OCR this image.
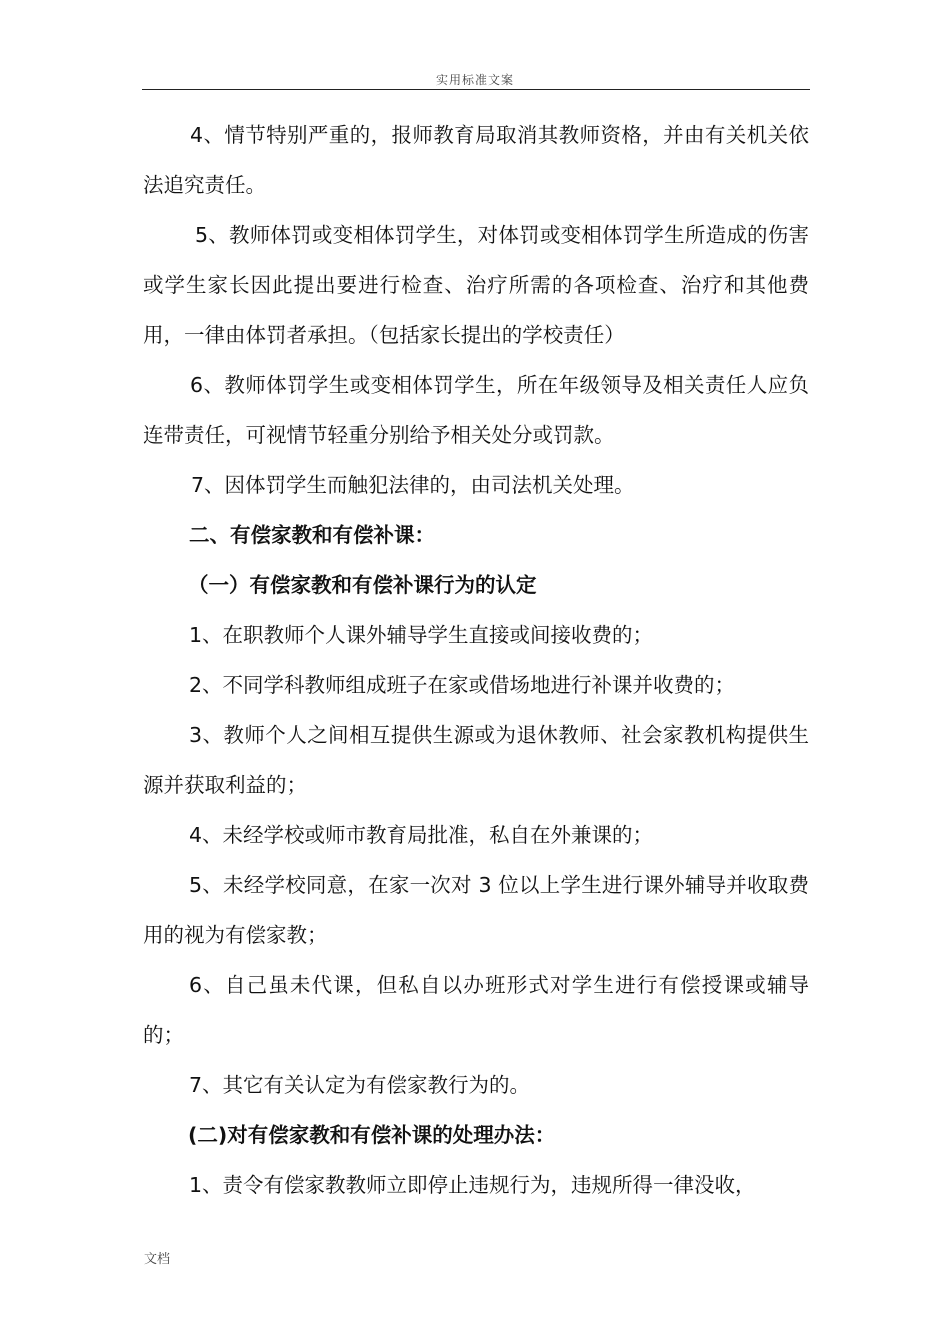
实用标准文案

4、情节特别严重的，报师教育局取消其教师资格，并由有关机关依法追究责任。

5、教师体罚或变相体罚学生，对体罚或变相体罚学生所造成的伤害或学生家长因此提出要进行检查、治疗所需的各项检查、治疗和其他费用，一律由体罚者承担。（包括家长提出的学校责任）

6、教师体罚学生或变相体罚学生，所在年级领导及相关责任人应负连带责任，可视情节轻重分别给予相关处分或罚款。

7、因体罚学生而触犯法律的，由司法机关处理。

二、有偿家教和有偿补课：

（一）有偿家教和有偿补课行为的认定

1、在职教师个人课外辅导学生直接或间接收费的；

2、不同学科教师组成班子在家或借场地进行补课并收费的；

3、教师个人之间相互提供生源或为退休教师、社会家教机构提供生源并获取利益的；

4、未经学校或师市教育局批准，私自在外兼课的；

5、未经学校同意，在家一次对 3 位以上学生进行课外辅导并收取费用的视为有偿家教；

6、自己虽未代课，但私自以办班形式对学生进行有偿授课或辅导的；

7、其它有关认定为有偿家教行为的。

(二)对有偿家教和有偿补课的处理办法：

1、责令有偿家教教师立即停止违规行为，违规所得一律没收，

文档
